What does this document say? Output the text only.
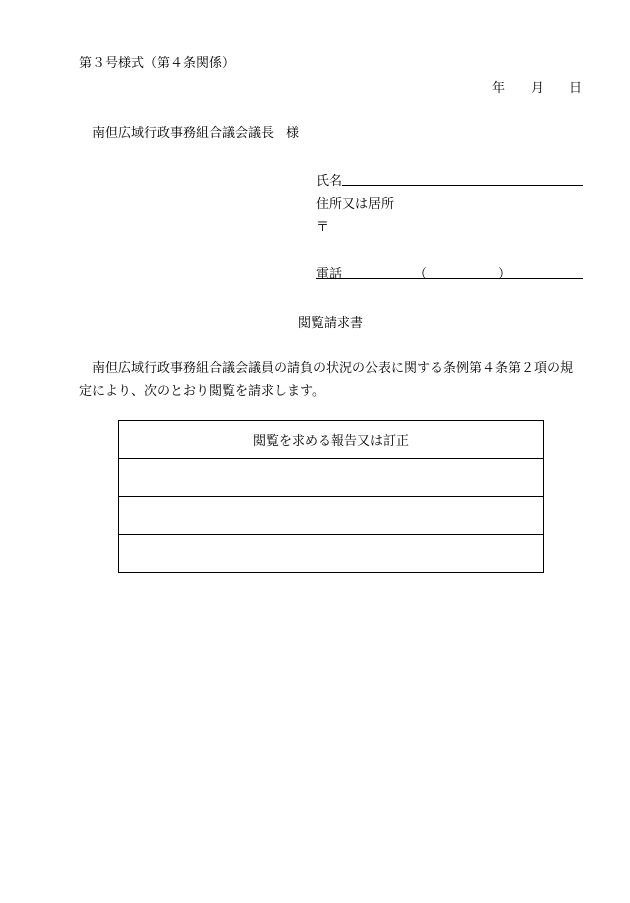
第３号様式（第４条関係）
年 月 日
南但広域行政事務組合議会議長 様
氏名
住所又は居所
〒
電話	（	）
閲覧請求書
南但広域行政事務組合議会議員の請負の状況の公表に関する条例第４条第２項の規定により、次のとおり閲覧を請求します。
閲覧を求める報告又は訂正
